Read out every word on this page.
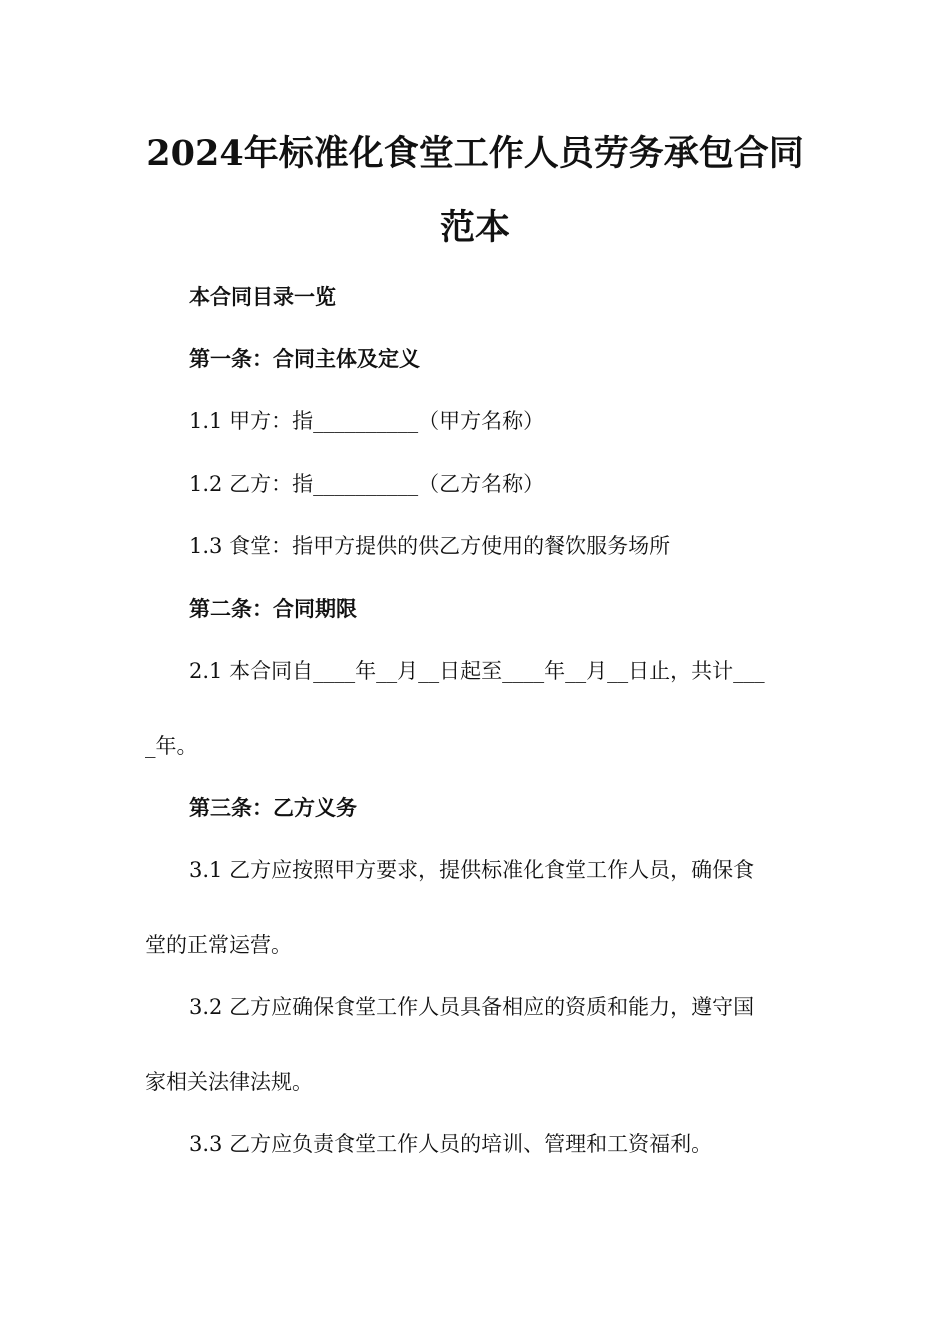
2024年标准化食堂工作人员劳务承包合同
范本
本合同目录一览
第一条：合同主体及定义
1.1 甲方：指__________（甲方名称）
1.2 乙方：指__________（乙方名称）
1.3 食堂：指甲方提供的供乙方使用的餐饮服务场所
第二条：合同期限
2.1 本合同自____年__月__日起至____年__月__日止，共计___
_年。
第三条：乙方义务
3.1 乙方应按照甲方要求，提供标准化食堂工作人员，确保食
堂的正常运营。
3.2 乙方应确保食堂工作人员具备相应的资质和能力，遵守国
家相关法律法规。
3.3 乙方应负责食堂工作人员的培训、管理和工资福利。
